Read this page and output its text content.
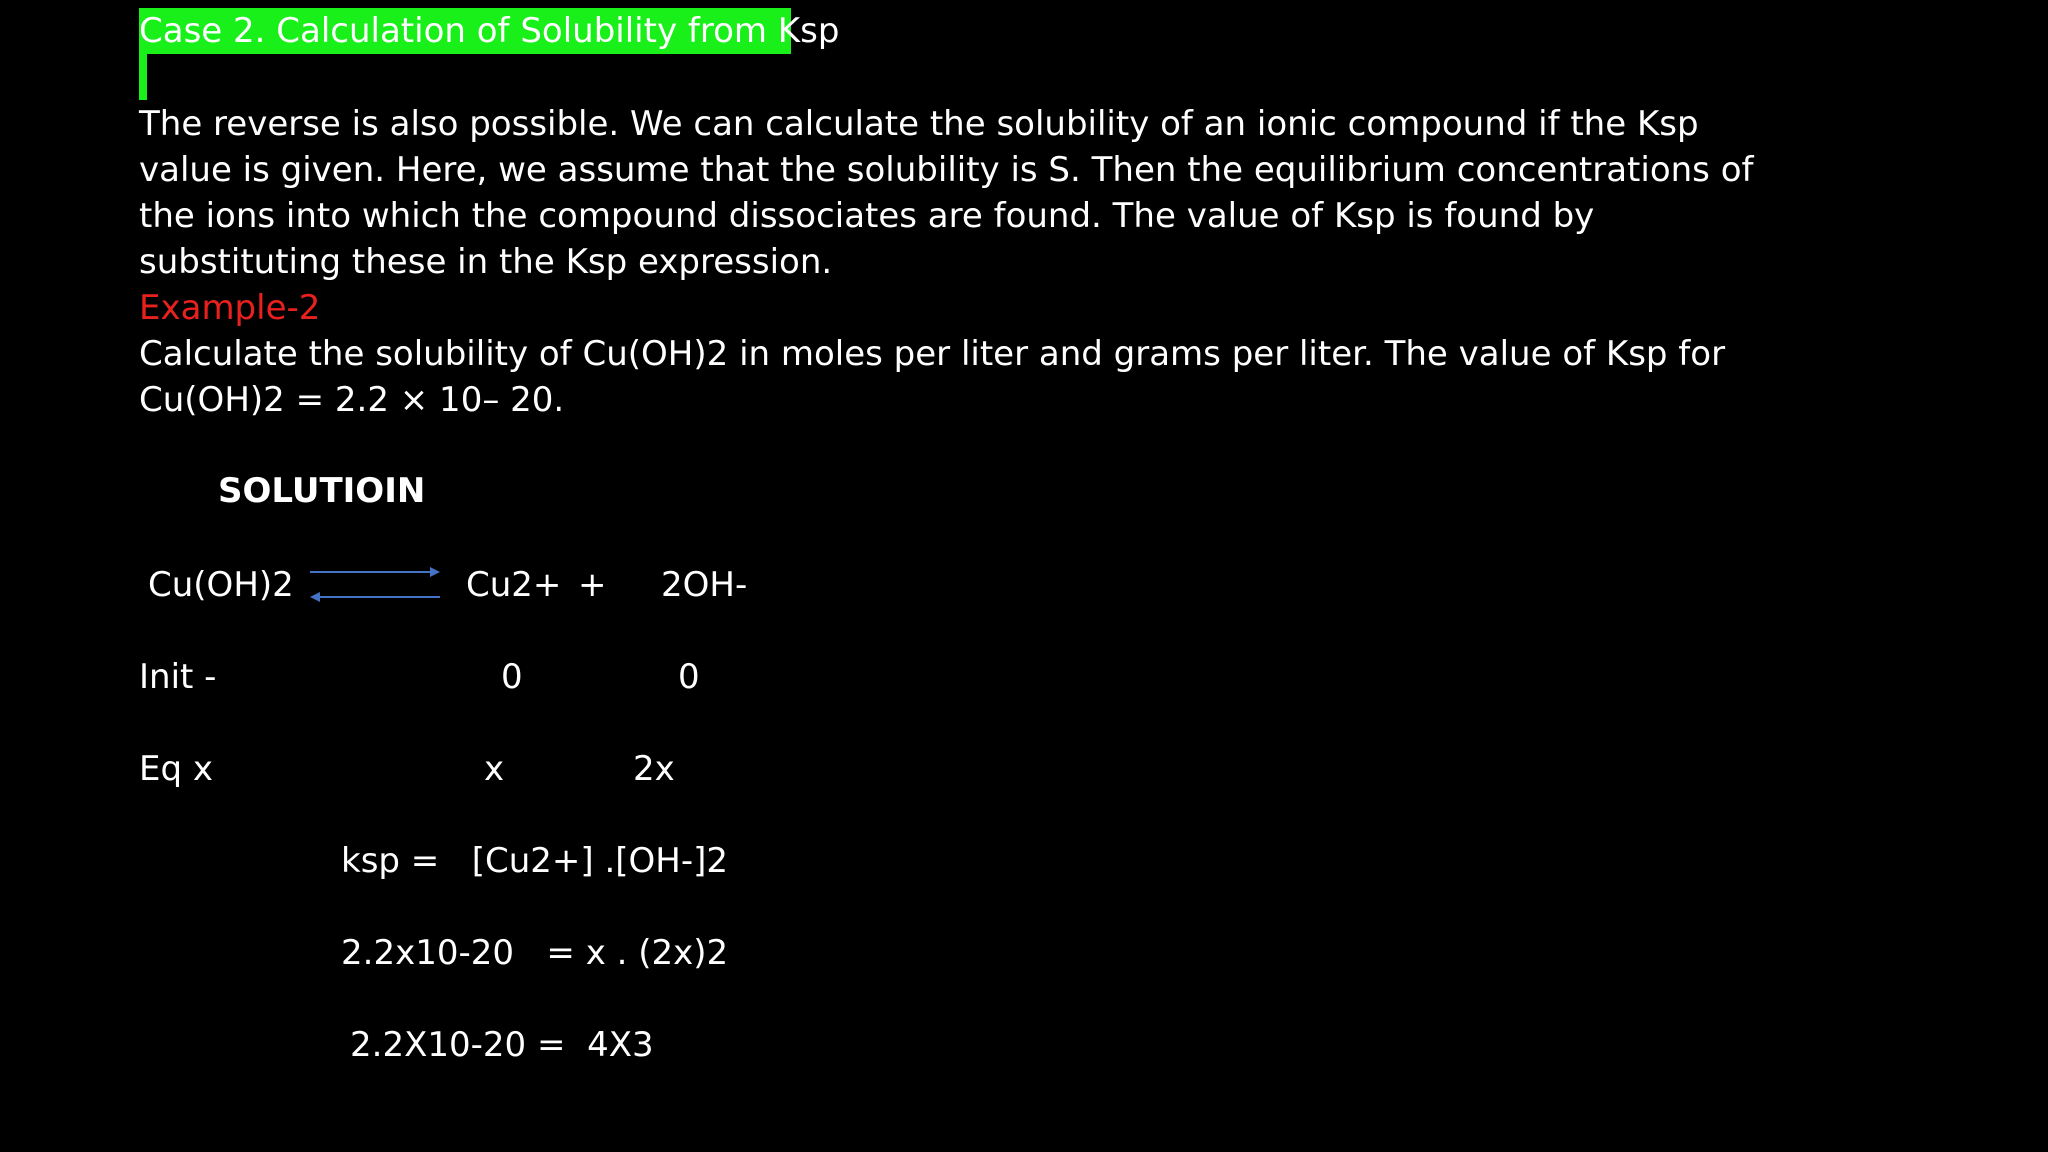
Case 2. Calculation of Solubility from Ksp
The reverse is also possible. We can calculate the solubility of an ionic compound if the Ksp value is given. Here, we assume that the solubility is S. Then the equilibrium concentrations of the ions into which the compound dissociates are found. The value of Ksp is found by substituting these in the Ksp expression.
Example-2
Calculate the solubility of Cu(OH)2 in moles per liter and grams per liter. The value of Ksp for Cu(OH)2 = 2.2 × 10– 20.
SOLUTIOIN
Cu(OH)2	Cu2+ + 2OH-
Init -	0	0
Eq x	x	2x
ksp =   [Cu2+] .[OH-]2
2.2x10-20   = x . (2x)2
2.2X10-20 =  4X3
